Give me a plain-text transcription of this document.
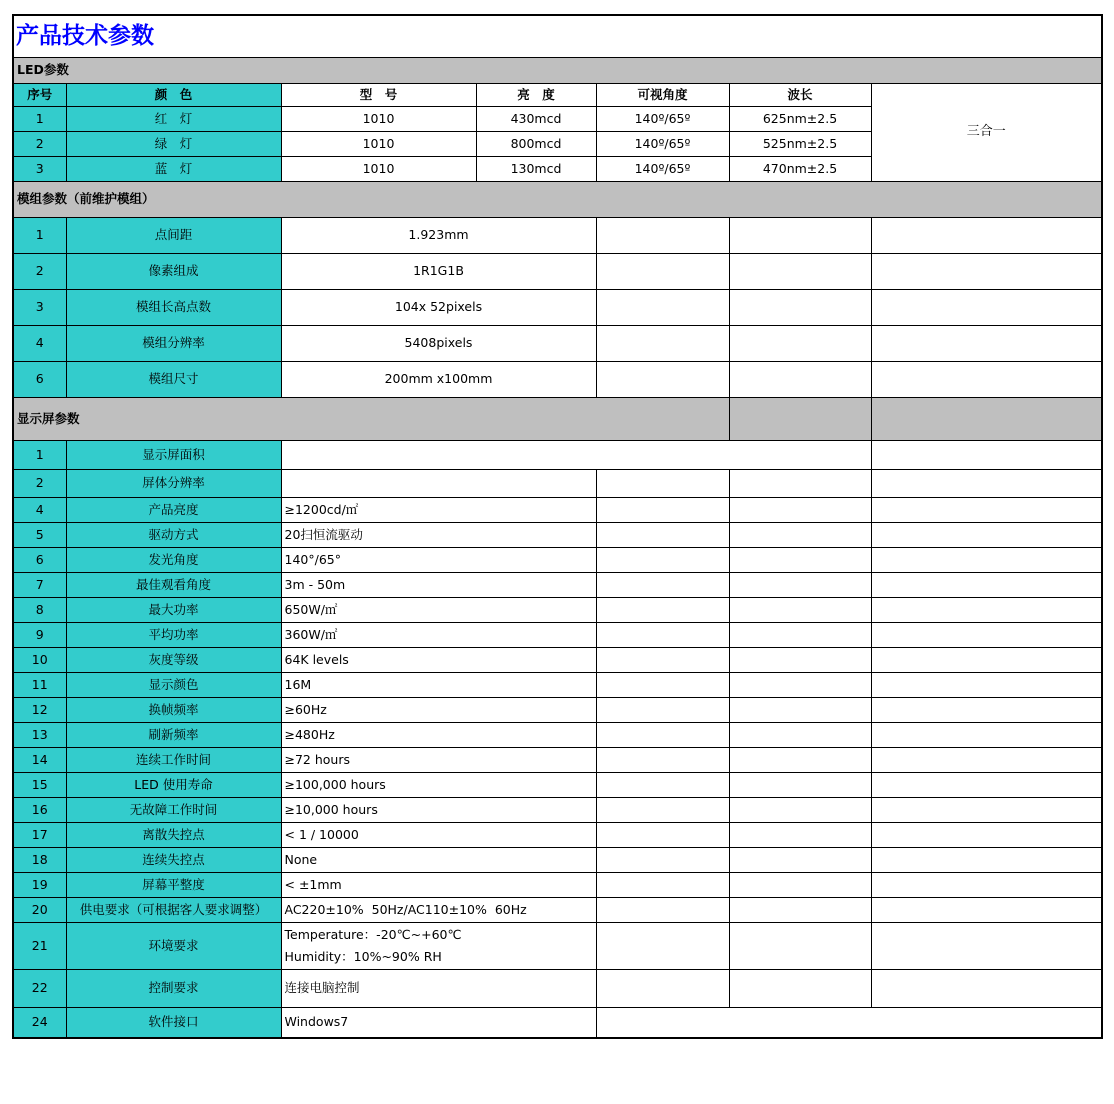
产品技术参数						
LED参数						
序号	颜　色	型　号	亮　度	可视角度	波长	三合一
1	红　灯	1010	430mcd	140º/65º	625nm±2.5	
2	绿　灯	1010	800mcd	140º/65º	525nm±2.5	
3	蓝　灯	1010	130mcd	140º/65º	470nm±2.5	
模组参数（前维护模组）						
1	点间距	1.923mm				
2	像素组成	1R1G1B				
3	模组长高点数	104x 52pixels				
4	模组分辨率	5408pixels				
6	模组尺寸	200mm x100mm				
显示屏参数						
1	显示屏面积					
2	屏体分辨率					
4	产品亮度	≥1200cd/㎡				
5	驱动方式	20扫恒流驱动				
6	发光角度	140°/65°				
7	最佳观看角度	3m - 50m				
8	最大功率	650W/㎡				
9	平均功率	360W/㎡				
10	灰度等级	64K levels				
11	显示颜色	16M				
12	换帧频率	≥60Hz				
13	刷新频率	≥480Hz				
14	连续工作时间	≥72 hours				
15	LED 使用寿命	≥100,000 hours				
16	无故障工作时间	≥10,000 hours				
17	离散失控点	< 1 / 10000				
18	连续失控点	None				
19	屏幕平整度	< ±1mm				
20	供电要求（可根据客人要求调整）	AC220±10%  50Hz/AC110±10%  60Hz				
21	环境要求	Temperature：-20℃~+60℃
Humidity：10%~90% RH				

22	控制要求	连接电脑控制				
24	软件接口	Windows7				
